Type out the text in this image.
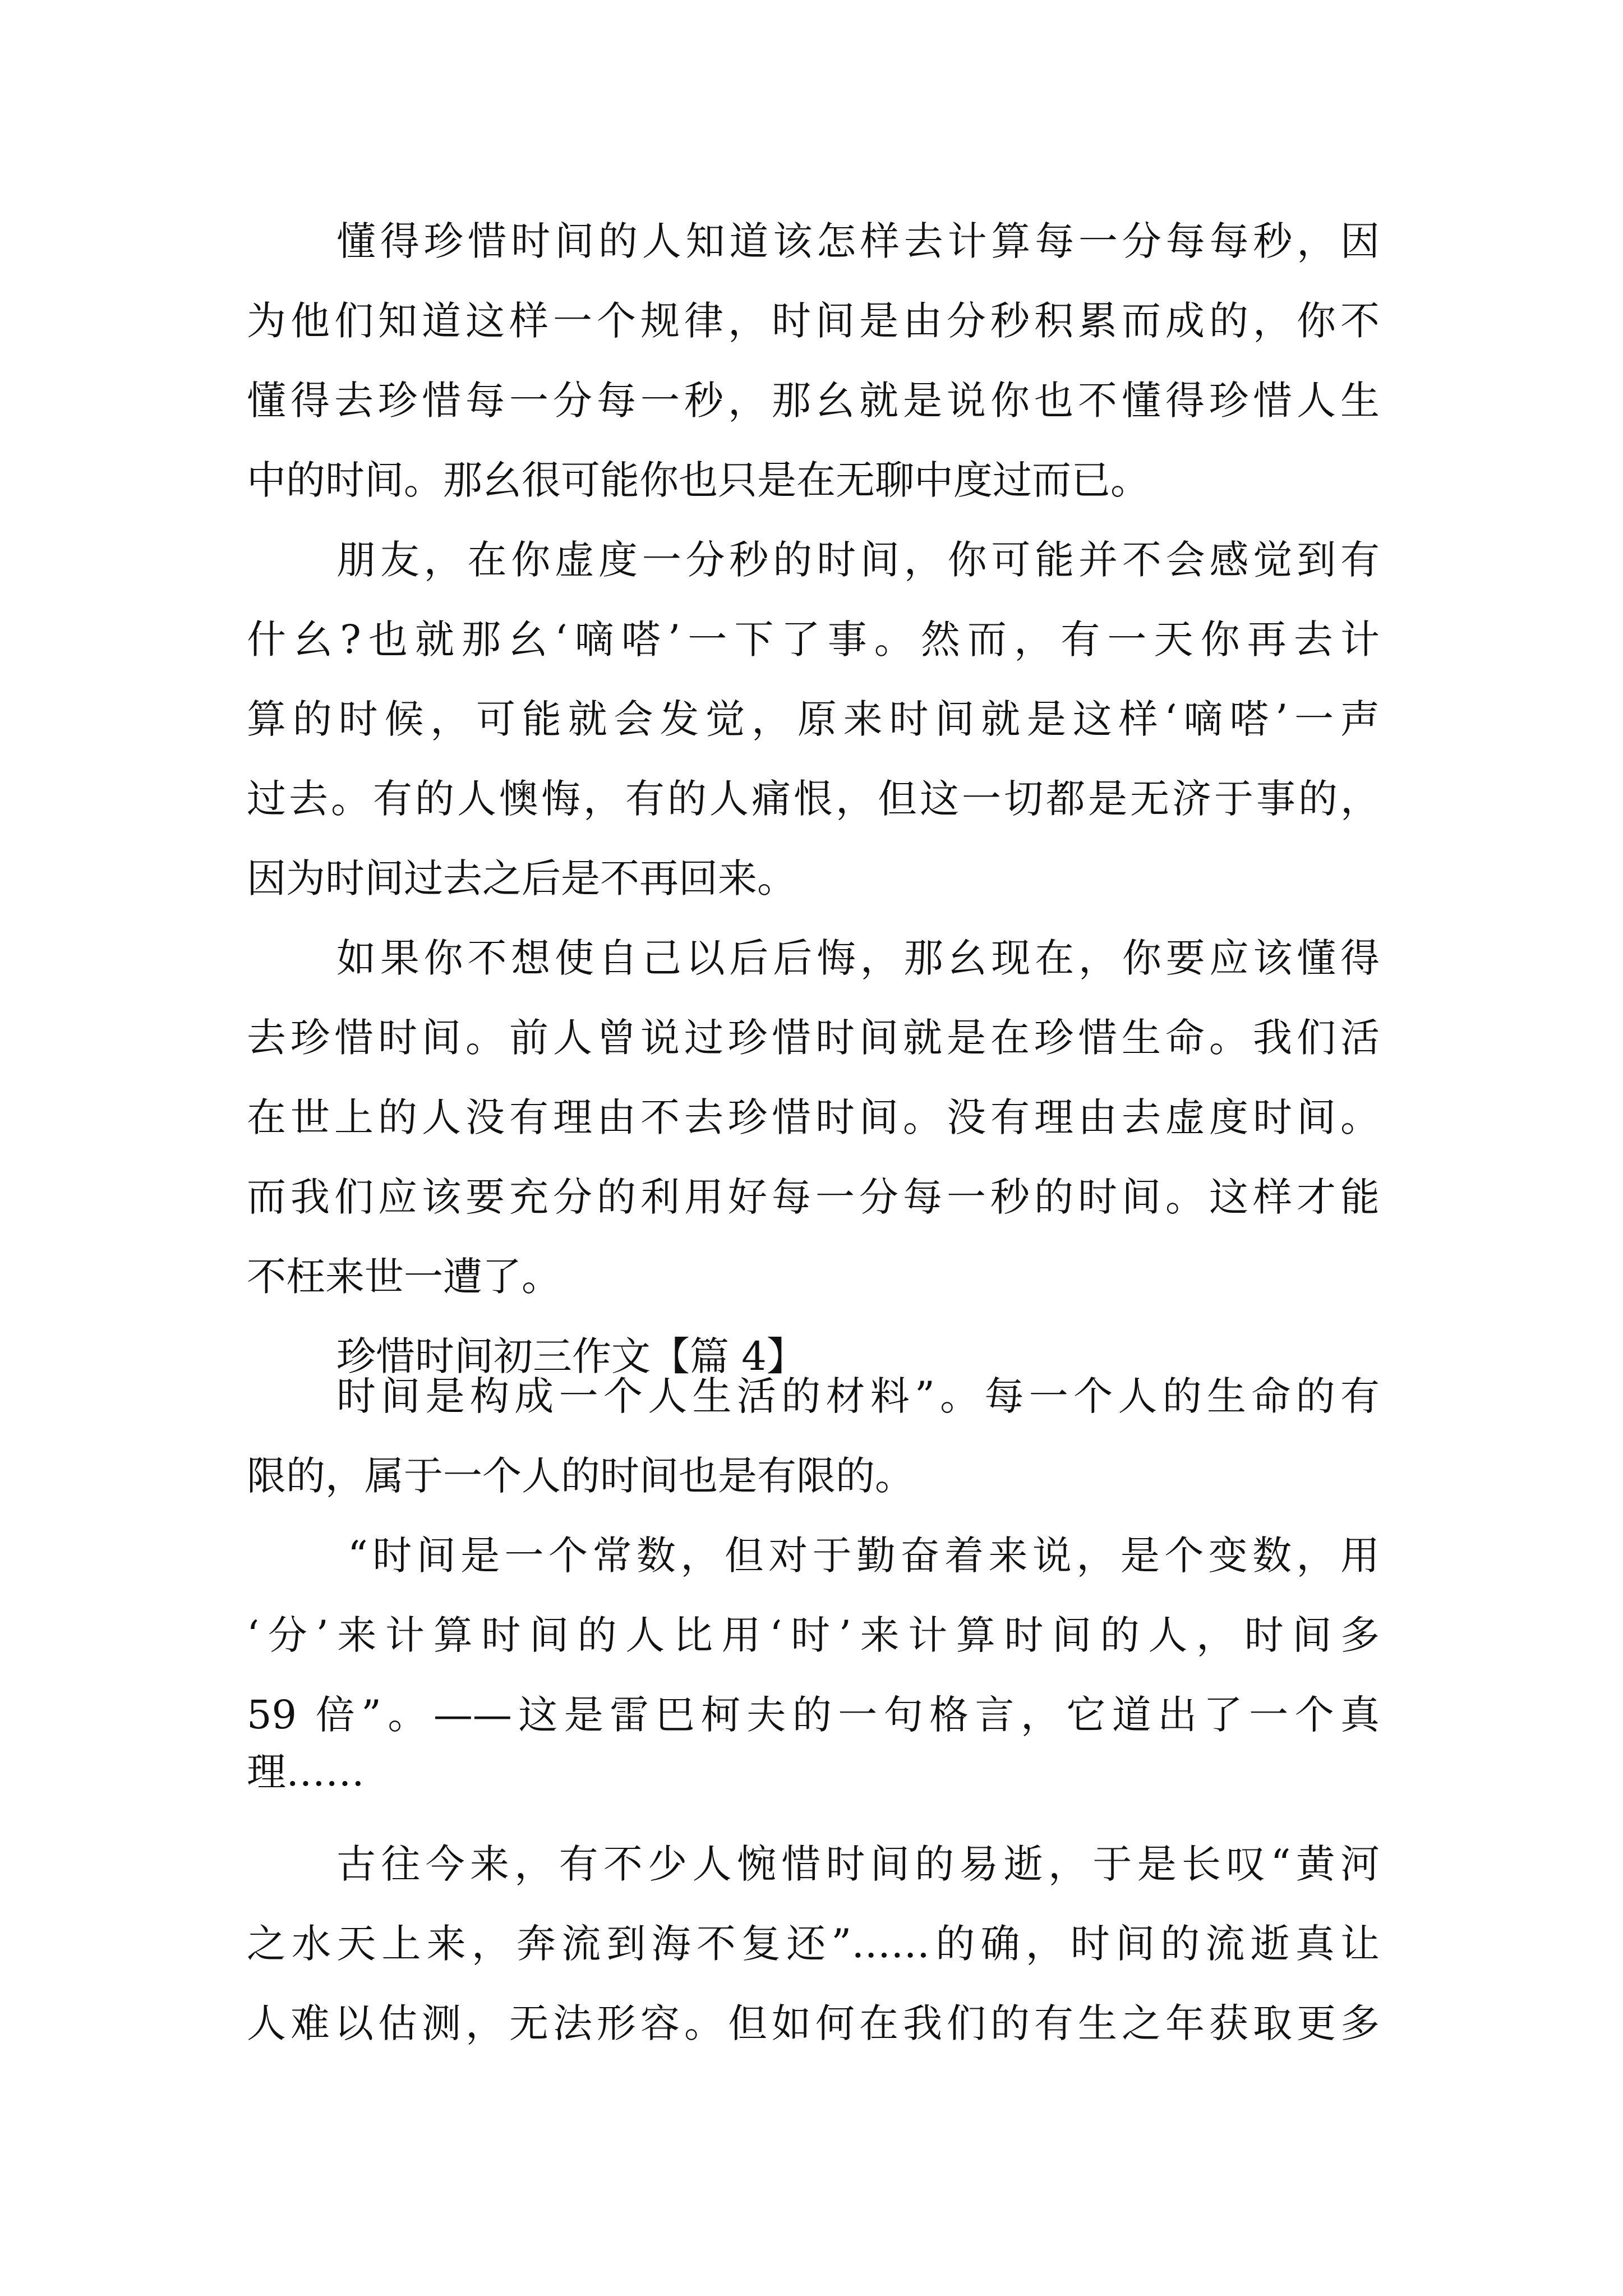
懂得珍惜时间的人知道该怎样去计算每一分每每秒，因
为他们知道这样一个规律，时间是由分秒积累而成的，你不
懂得去珍惜每一分每一秒，那幺就是说你也不懂得珍惜人生
中的时间。那幺很可能你也只是在无聊中度过而已。
朋友，在你虚度一分秒的时间，你可能并不会感觉到有
什幺?也就那幺‘嘀嗒’一下了事。然而，有一天你再去计
算的时候，可能就会发觉，原来时间就是这样‘嘀嗒’一声
过去。有的人懊悔，有的人痛恨，但这一切都是无济于事的，
因为时间过去之后是不再回来。
如果你不想使自己以后后悔，那幺现在，你要应该懂得
去珍惜时间。前人曾说过珍惜时间就是在珍惜生命。我们活
在世上的人没有理由不去珍惜时间。没有理由去虚度时间。
而我们应该要充分的利用好每一分每一秒的时间。这样才能
不枉来世一遭了。
珍惜时间初三作文【篇 4】
时间是构成一个人生活的材料”。每一个人的生命的有
限的，属于一个人的时间也是有限的。
“时间是一个常数，但对于勤奋着来说，是个变数，用
‘分’来计算时间的人比用‘时’来计算时间的人，时间多
59 倍”。——这是雷巴柯夫的一句格言，它道出了一个真
理……
古往今来，有不少人惋惜时间的易逝，于是长叹“黄河
之水天上来，奔流到海不复还”……的确，时间的流逝真让
人难以估测，无法形容。但如何在我们的有生之年获取更多
